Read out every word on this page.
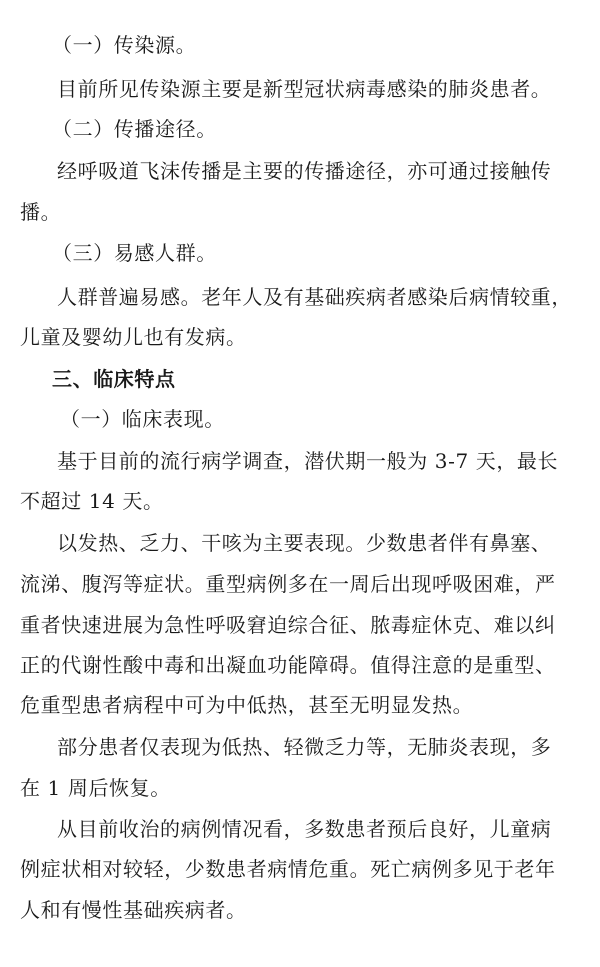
（一）传染源。
目前所见传染源主要是新型冠状病毒感染的肺炎患者。
（二）传播途径。
经呼吸道飞沫传播是主要的传播途径，亦可通过接触传
播。
（三）易感人群。
人群普遍易感。老年人及有基础疾病者感染后病情较重，
儿童及婴幼儿也有发病。
三、临床特点
（一）临床表现。
基于目前的流行病学调查，潜伏期一般为 3-7 天，最长
不超过 14 天。
以发热、乏力、干咳为主要表现。少数患者伴有鼻塞、
流涕、腹泻等症状。重型病例多在一周后出现呼吸困难，严
重者快速进展为急性呼吸窘迫综合征、脓毒症休克、难以纠
正的代谢性酸中毒和出凝血功能障碍。值得注意的是重型、
危重型患者病程中可为中低热，甚至无明显发热。
部分患者仅表现为低热、轻微乏力等，无肺炎表现，多
在 1 周后恢复。
从目前收治的病例情况看，多数患者预后良好，儿童病
例症状相对较轻，少数患者病情危重。死亡病例多见于老年
人和有慢性基础疾病者。
